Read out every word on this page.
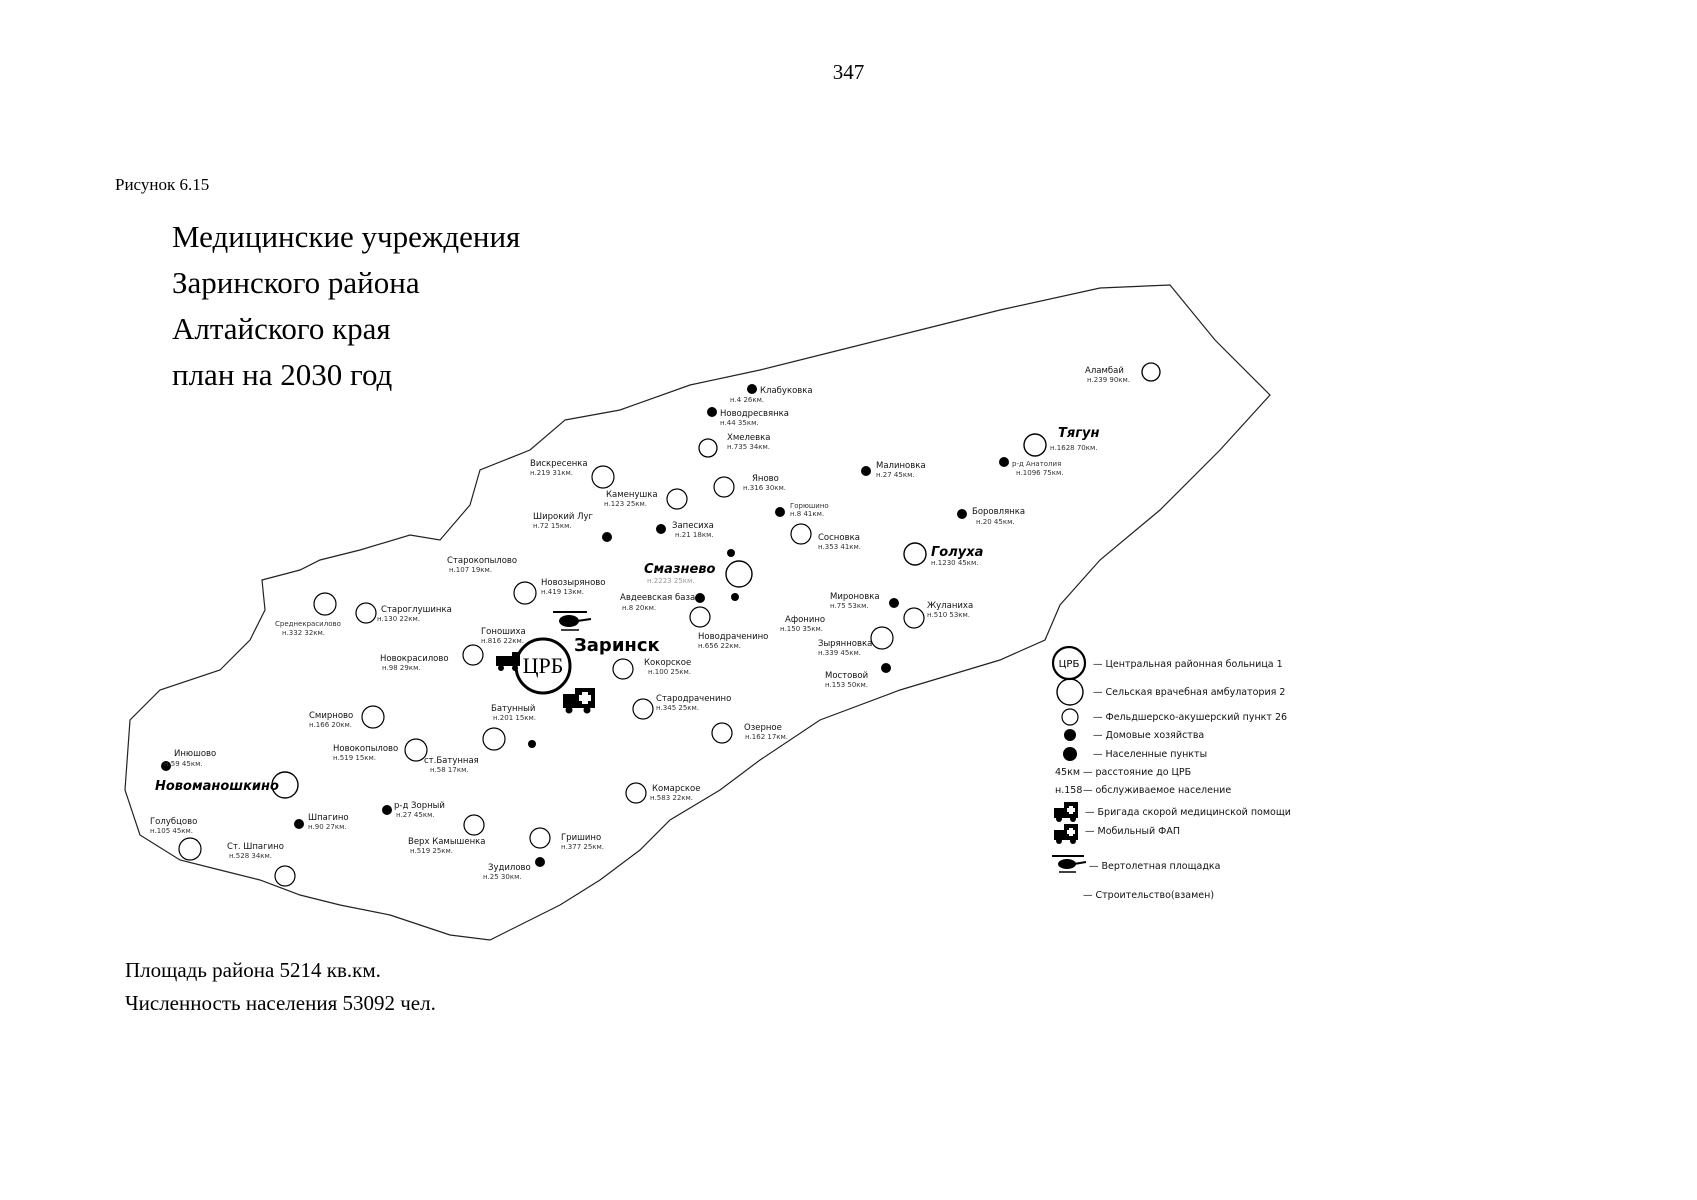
347
Рисунок 6.15
Медицинские учреждения
Заринского района
Алтайского края
план на 2030 год	Аламбай
н.239 90км.
Клабуковка
н.4 26км.
Новодресвянка
н.44 35км.
Хмелевка
н.735 34км.
Тягун
н.1628 70км.
Вискресенка
н.219 31км.
Малиновка
н.27 45км.
р-д Анатолия
н.1096 75км.
Яново
н.316 30км.
Каменушка
н.123 25км.	Горюшино
н.8 41км.
Широкий Луг
н.72 15км.	Запесиха
н.21 18км.	Сосновка
н.353 41км.
Боровлянка
н.20 45км.
Голуха
н.1230 45км.
Старокопылово
н.107 19км.	Смазнево
н.2223 25км.
Новозыряново
н.419 13км.
Авдеевская база
н.8 20км.
Мироновка
н.75 53км.	Жуланиха
н.510 53км.
Среднекрасилово
н.332 32км.
Староглушинка
н.130 22км.
Гоношиха
н.816 22км.
ЦРБ
Заринск	Новодраченино
н.656 22км.
Афонино
н.150 35км.
Зырянновка
н.339 45км.
Новокрасилово
н.98 29км.	Кокорское
н.100 25км.	Мостовой
н.153 50км.
Стародраченино
н.345 25км.
Смирново
н.166 20км.
Батунный
н.201 15км.
Озерное
н.162 17км.
Новокопылово
н.519 15км.	ст.Батунная
н.58 17км.
Инюшово
н.59 45км.
Новоманошкино	Комарское
н.583 22км.
р-д Зорный
н.27 45км.
Голубцово
н.105 45км.
Шпагино
н.90 27км.
Верх Камышенка
н.519 25км.
Гришино
н.377 25км.
Ст. Шпагино
н.528 34км.
Зудилово
н.25 30км.
ЦРБ — Центральная районная больница 1
— Сельская врачебная амбулатория 2
— Фельдшерско-акушерский пункт 26
— Домовые хозяйства
— Населенные пункты
45км — расстояние до ЦРБ
н.158 — обслуживаемое население
— Бригада скорой медицинской помощи
— Мобильный ФАП
— Вертолетная площадка
— Строительство(взамен)
Площадь района 5214 кв.км.
Численность населения 53092 чел.
